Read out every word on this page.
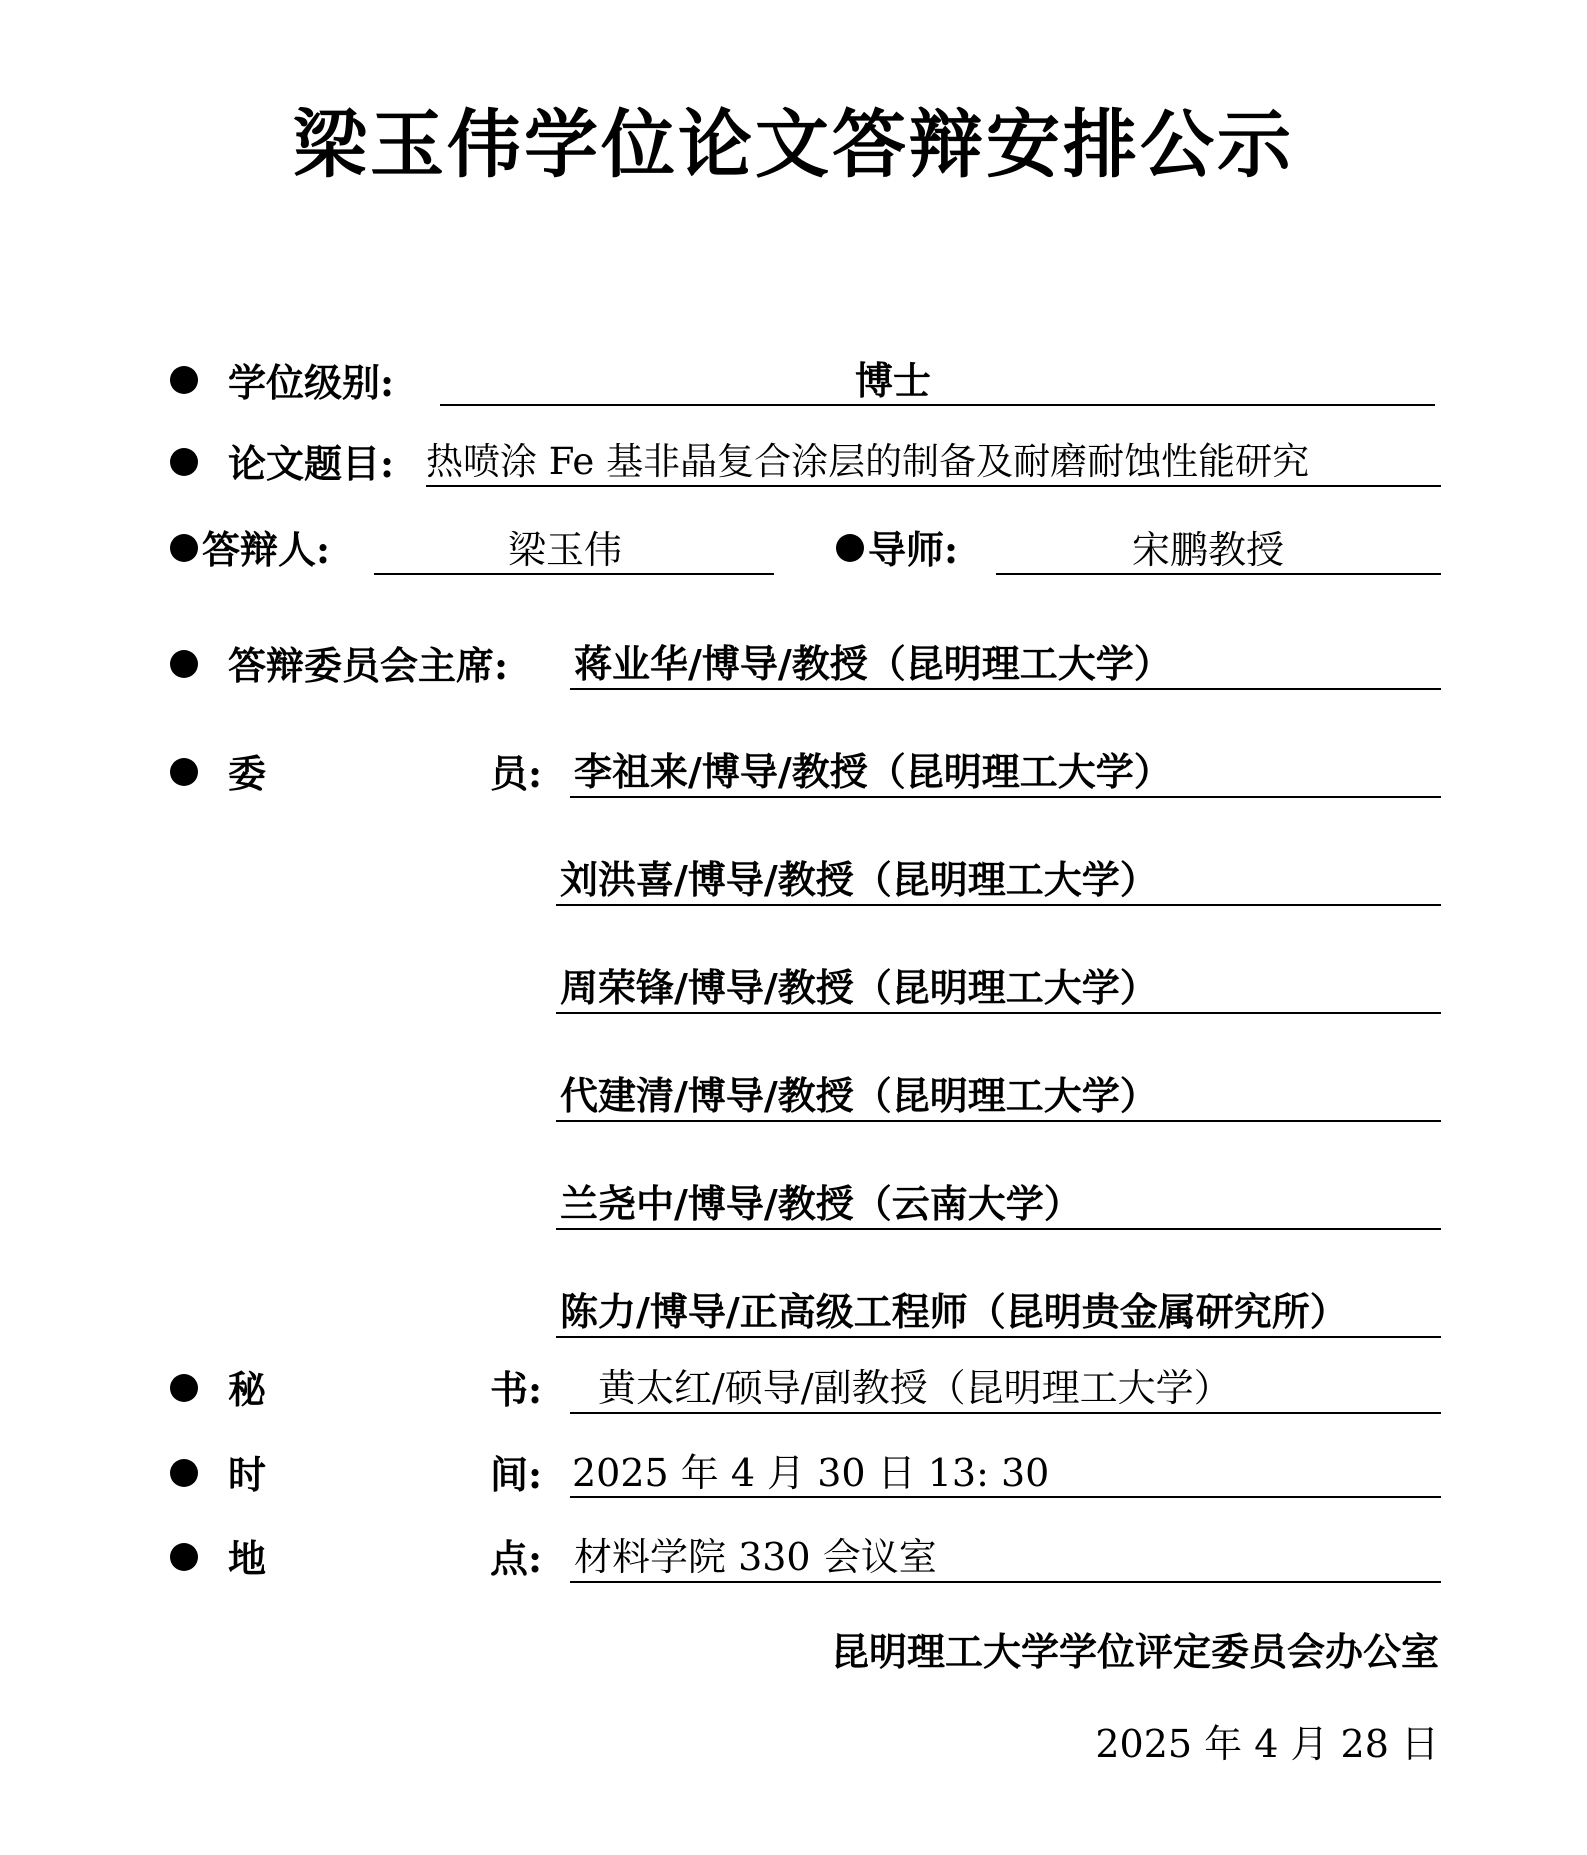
梁玉伟学位论文答辩安排公示
学位级别:	博士
论文题目: 热喷涂 Fe 基非晶复合涂层的制备及耐磨耐蚀性能研究
答辩人:	梁玉伟	导师:	宋鹏教授
答辩委员会主席: 蒋业华/博导/教授（昆明理工大学）
委	员: 李祖来/博导/教授（昆明理工大学）
刘洪喜/博导/教授（昆明理工大学）
周荣锋/博导/教授（昆明理工大学）
代建清/博导/教授（昆明理工大学）
兰尧中/博导/教授（云南大学）
陈力/博导/正高级工程师（昆明贵金属研究所）
秘	书: 黄太红/硕导/副教授（昆明理工大学）
时	间: 2025 年 4 月 30 日 13: 30
地	点: 材料学院 330 会议室
昆明理工大学学位评定委员会办公室
2025 年 4 月 28 日
